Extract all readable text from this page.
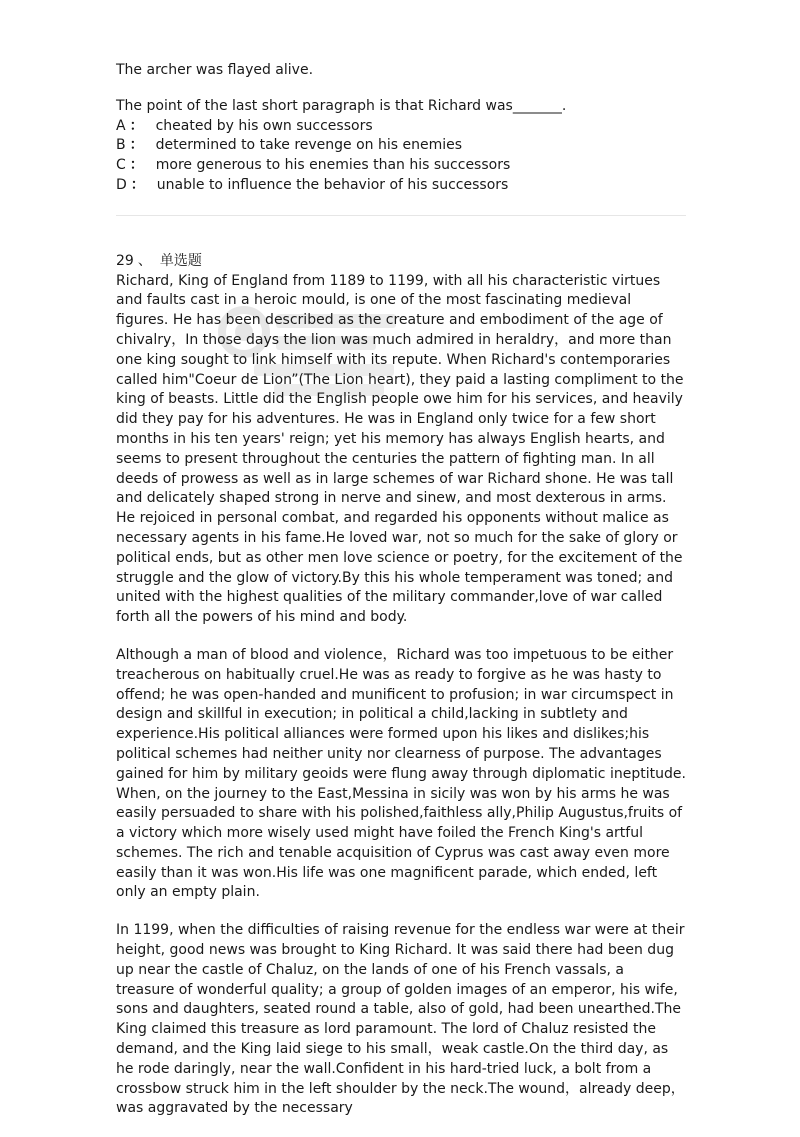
The archer was flayed alive.

The point of the last short paragraph is that Richard was_______.

A ： cheated by his own successors
B ： determined to take revenge on his enemies
C ： more generous to his enemies than his successors
D ： unable to influence the behavior of his successors
29 、 单选题

Richard, King of England from 1189 to 1199, with all his characteristic virtues and faults cast in a heroic mould, is one of the most fascinating medieval figures. He has been described as the creature and embodiment of the age of chivalry，In those days the lion was much admired in heraldry，and more than one king sought to link himself with its repute. When Richard's contemporaries called him"Coeur de Lion”(The Lion heart), they paid a lasting compliment to the king of beasts. Little did the English people owe him for his services, and heavily did they pay for his adventures. He was in England only twice for a few short months in his ten years' reign; yet his memory has always English hearts, and seems to present throughout the centuries the pattern of fighting man. In all deeds of prowess as well as in large schemes of war Richard shone. He was tall and delicately shaped strong in nerve and sinew, and most dexterous in arms. He rejoiced in personal combat, and regarded his opponents without malice as necessary agents in his fame.He loved war, not so much for the sake of glory or political ends, but as other men love science or poetry, for the excitement of the struggle and the glow of victory.By this his whole temperament was toned; and united with the highest qualities of the military commander,love of war called forth all the powers of his mind and body.

Although a man of blood and violence，Richard was too impetuous to be either treacherous on habitually cruel.He was as ready to forgive as he was hasty to offend; he was open-handed and munificent to profusion; in war circumspect in design and skillful in execution; in political a child,lacking in subtlety and experience.His political alliances were formed upon his likes and dislikes;his political schemes had neither unity nor clearness of purpose. The advantages gained for him by military geoids were flung away through diplomatic ineptitude. When, on the journey to the East,Messina in sicily was won by his arms he was easily persuaded to share with his polished,faithless ally,Philip Augustus,fruits of a victory which more wisely used might have foiled the French King's artful schemes. The rich and tenable acquisition of Cyprus was cast away even more easily than it was won.His life was one magnificent parade, which ended, left only an empty plain.

In 1199, when the difficulties of raising revenue for the endless war were at their height, good news was brought to King Richard. It was said there had been dug up near the castle of Chaluz, on the lands of one of his French vassals, a treasure of wonderful quality; a group of golden images of an emperor, his wife, sons and daughters, seated round a table, also of gold, had been unearthed.The King claimed this treasure as lord paramount. The lord of Chaluz resisted the demand, and the King laid siege to his small，weak castle.On the third day, as he rode daringly, near the wall.Confident in his hard-tried luck, a bolt from a crossbow struck him in the left shoulder by the neck.The wound，already deep，was aggravated by the necessary
